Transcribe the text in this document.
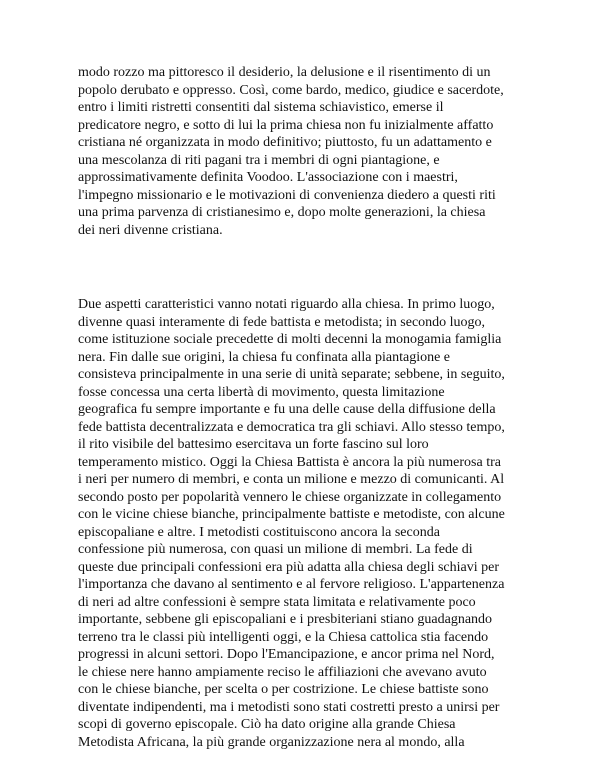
modo rozzo ma pittoresco il desiderio, la delusione e il risentimento di un
popolo derubato e oppresso. Così, come bardo, medico, giudice e sacerdote,
entro i limiti ristretti consentiti dal sistema schiavistico, emerse il
predicatore negro, e sotto di lui la prima chiesa non fu inizialmente affatto
cristiana né organizzata in modo definitivo; piuttosto, fu un adattamento e
una mescolanza di riti pagani tra i membri di ogni piantagione, e
approssimativamente definita Voodoo. L'associazione con i maestri,
l'impegno missionario e le motivazioni di convenienza diedero a questi riti
una prima parvenza di cristianesimo e, dopo molte generazioni, la chiesa
dei neri divenne cristiana.
Due aspetti caratteristici vanno notati riguardo alla chiesa. In primo luogo,
divenne quasi interamente di fede battista e metodista; in secondo luogo,
come istituzione sociale precedette di molti decenni la monogamia famiglia
nera. Fin dalle sue origini, la chiesa fu confinata alla piantagione e
consisteva principalmente in una serie di unità separate; sebbene, in seguito,
fosse concessa una certa libertà di movimento, questa limitazione
geografica fu sempre importante e fu una delle cause della diffusione della
fede battista decentralizzata e democratica tra gli schiavi. Allo stesso tempo,
il rito visibile del battesimo esercitava un forte fascino sul loro
temperamento mistico. Oggi la Chiesa Battista è ancora la più numerosa tra
i neri per numero di membri, e conta un milione e mezzo di comunicanti. Al
secondo posto per popolarità vennero le chiese organizzate in collegamento
con le vicine chiese bianche, principalmente battiste e metodiste, con alcune
episcopaliane e altre. I metodisti costituiscono ancora la seconda
confessione più numerosa, con quasi un milione di membri. La fede di
queste due principali confessioni era più adatta alla chiesa degli schiavi per
l'importanza che davano al sentimento e al fervore religioso. L'appartenenza
di neri ad altre confessioni è sempre stata limitata e relativamente poco
importante, sebbene gli episcopaliani e i presbiteriani stiano guadagnando
terreno tra le classi più intelligenti oggi, e la Chiesa cattolica stia facendo
progressi in alcuni settori. Dopo l'Emancipazione, e ancor prima nel Nord,
le chiese nere hanno ampiamente reciso le affiliazioni che avevano avuto
con le chiese bianche, per scelta o per costrizione. Le chiese battiste sono
diventate indipendenti, ma i metodisti sono stati costretti presto a unirsi per
scopi di governo episcopale. Ciò ha dato origine alla grande Chiesa
Metodista Africana, la più grande organizzazione nera al mondo, alla
